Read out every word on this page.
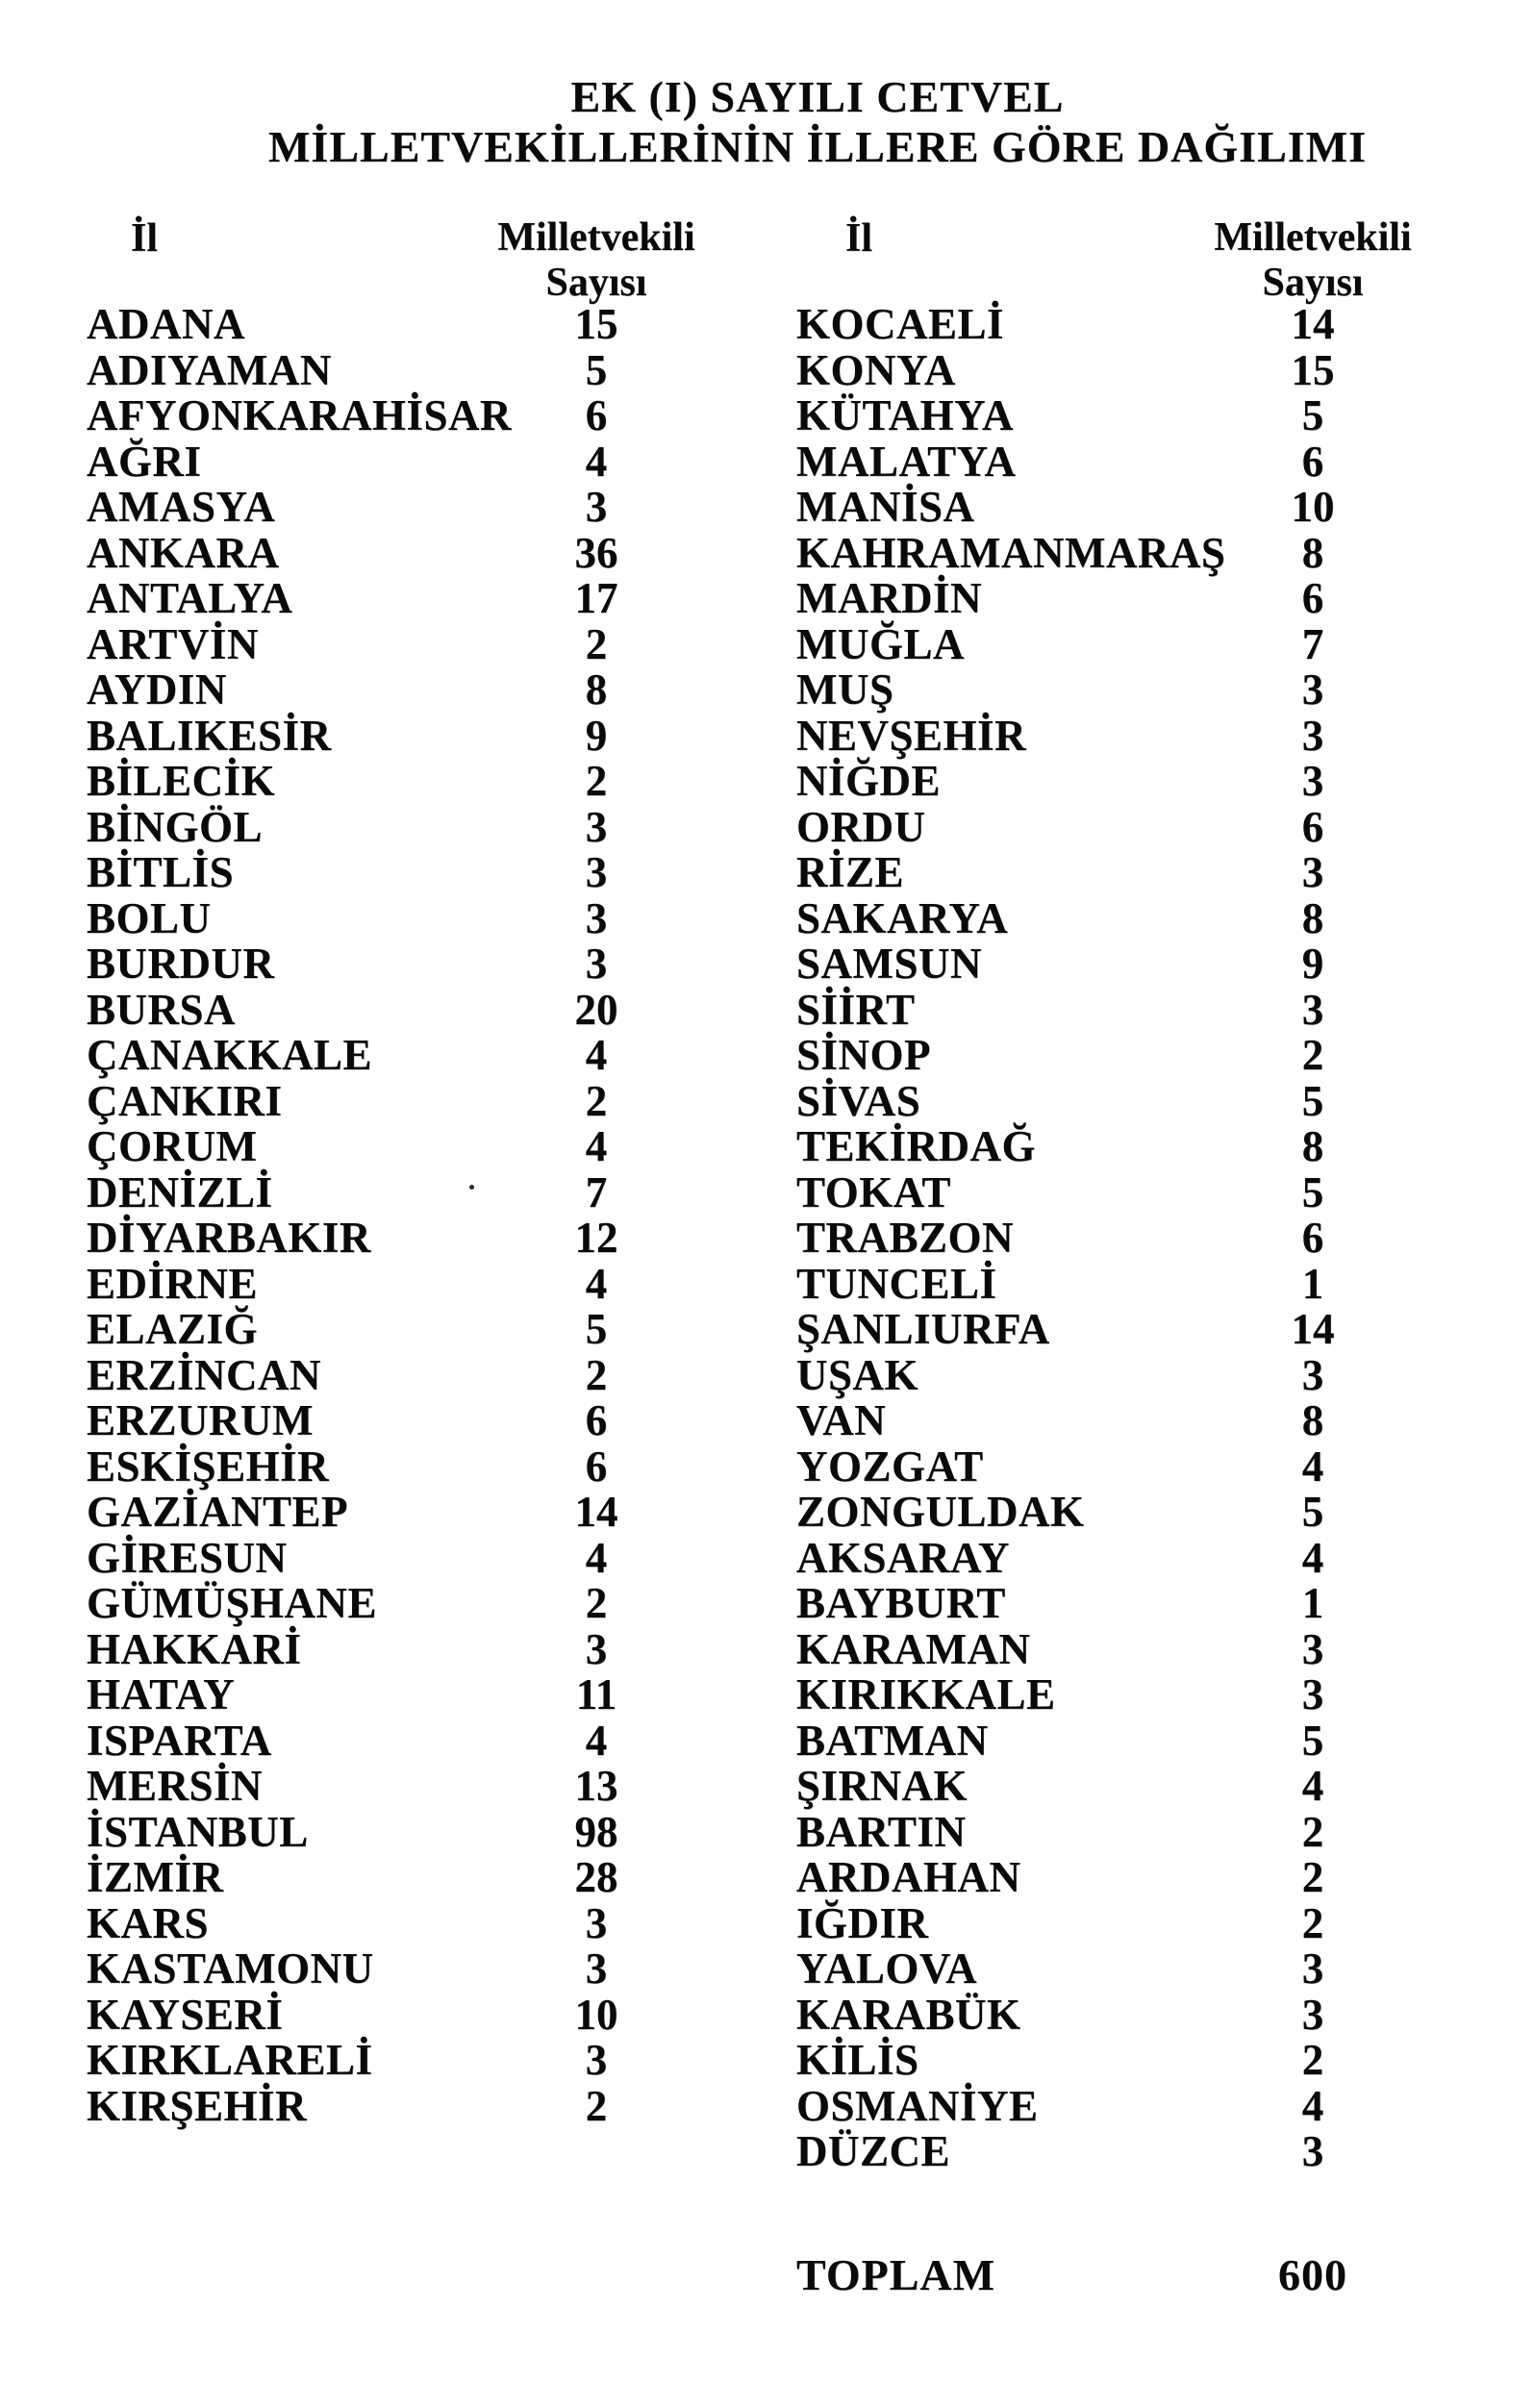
EK (I) SAYILI CETVEL
MİLLETVEKİLLERİNİN İLLERE GÖRE DAĞILIMI
İl	Milletvekili
Sayısı
İl	Milletvekili
Sayısı
ADANA	15
ADIYAMAN	5
AFYONKARAHİSAR	6
AĞRI	4
AMASYA	3
ANKARA	36
ANTALYA	17
ARTVİN	2
AYDIN	8
BALIKESİR	9
BİLECİK	2
BİNGÖL	3
BİTLİS	3
BOLU	3
BURDUR	3
BURSA	20
ÇANAKKALE	4
ÇANKIRI	2
ÇORUM	4
DENİZLİ	7
DİYARBAKIR	12
EDİRNE	4
ELAZIĞ	5
ERZİNCAN	2
ERZURUM	6
ESKİŞEHİR	6
GAZİANTEP	14
GİRESUN	4
GÜMÜŞHANE	2
HAKKARİ	3
HATAY	11
ISPARTA	4
MERSİN	13
İSTANBUL	98
İZMİR	28
KARS	3
KASTAMONU	3
KAYSERİ	10
KIRKLARELİ	3
KIRŞEHİR	2
KOCAELİ	14
KONYA	15
KÜTAHYA	5
MALATYA	6
MANİSA	10
KAHRAMANMARAŞ	8
MARDİN	6
MUĞLA	7
MUŞ	3
NEVŞEHİR	3
NİĞDE	3
ORDU	6
RİZE	3
SAKARYA	8
SAMSUN	9
SİİRT	3
SİNOP	2
SİVAS	5
TEKİRDAĞ	8
TOKAT	5
TRABZON	6
TUNCELİ	1
ŞANLIURFA	14
UŞAK	3
VAN	8
YOZGAT	4
ZONGULDAK	5
AKSARAY	4
BAYBURT	1
KARAMAN	3
KIRIKKALE	3
BATMAN	5
ŞIRNAK	4
BARTIN	2
ARDAHAN	2
IĞDIR	2
YALOVA	3
KARABÜK	3
KİLİS	2
OSMANİYE	4
DÜZCE	3
TOPLAM	600
